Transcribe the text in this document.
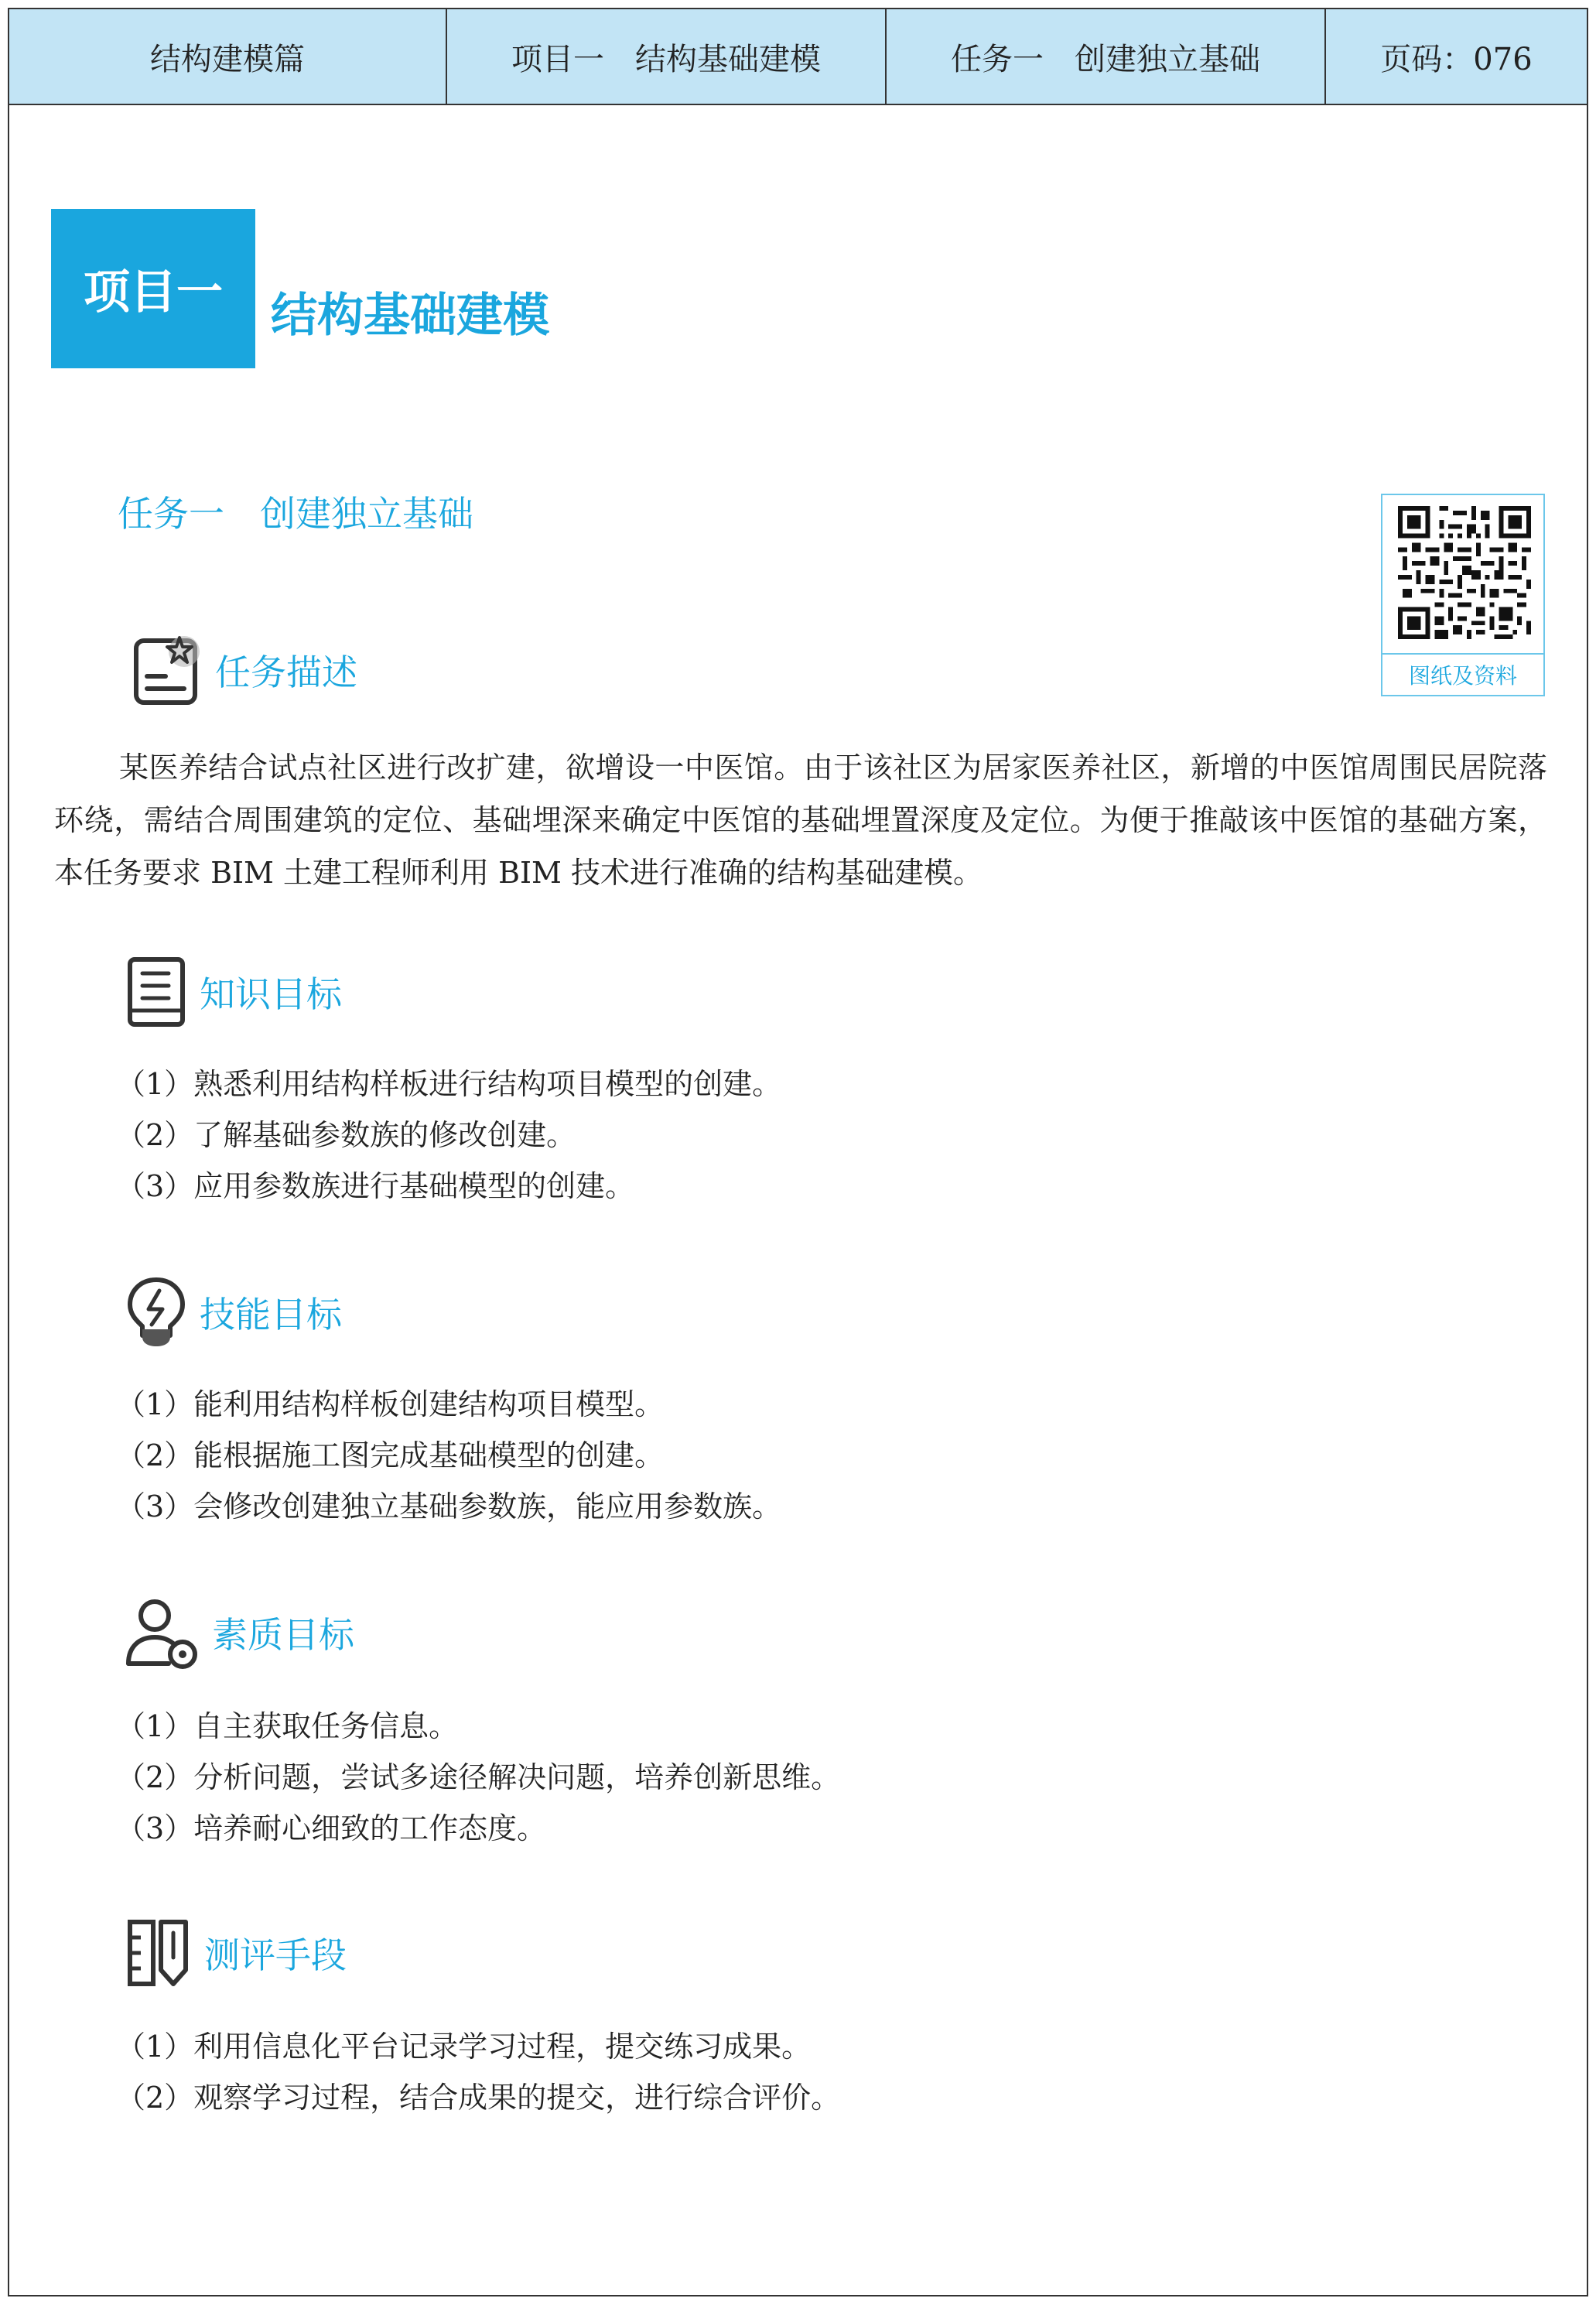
结构建模篇	项目一　结构基础建模	任务一　创建独立基础	页码：076
项目一	结构基础建模
任务一　创建独立基础
图纸及资料
任务描述

某医养结合试点社区进行改扩建，欲增设一中医馆。由于该社区为居家医养社区，新增的中医馆周围民居院落环绕，需结合周围建筑的定位、基础埋深来确定中医馆的基础埋置深度及定位。为便于推敲该中医馆的基础方案，本任务要求 BIM 土建工程师利用 BIM 技术进行准确的结构基础建模。

知识目标
（1）熟悉利用结构样板进行结构项目模型的创建。
（2）了解基础参数族的修改创建。
（3）应用参数族进行基础模型的创建。
技能目标
（1）能利用结构样板创建结构项目模型。
（2）能根据施工图完成基础模型的创建。
（3）会修改创建独立基础参数族，能应用参数族。
素质目标
（1）自主获取任务信息。
（2）分析问题，尝试多途径解决问题，培养创新思维。
（3）培养耐心细致的工作态度。
测评手段
（1）利用信息化平台记录学习过程，提交练习成果。
（2）观察学习过程，结合成果的提交，进行综合评价。
